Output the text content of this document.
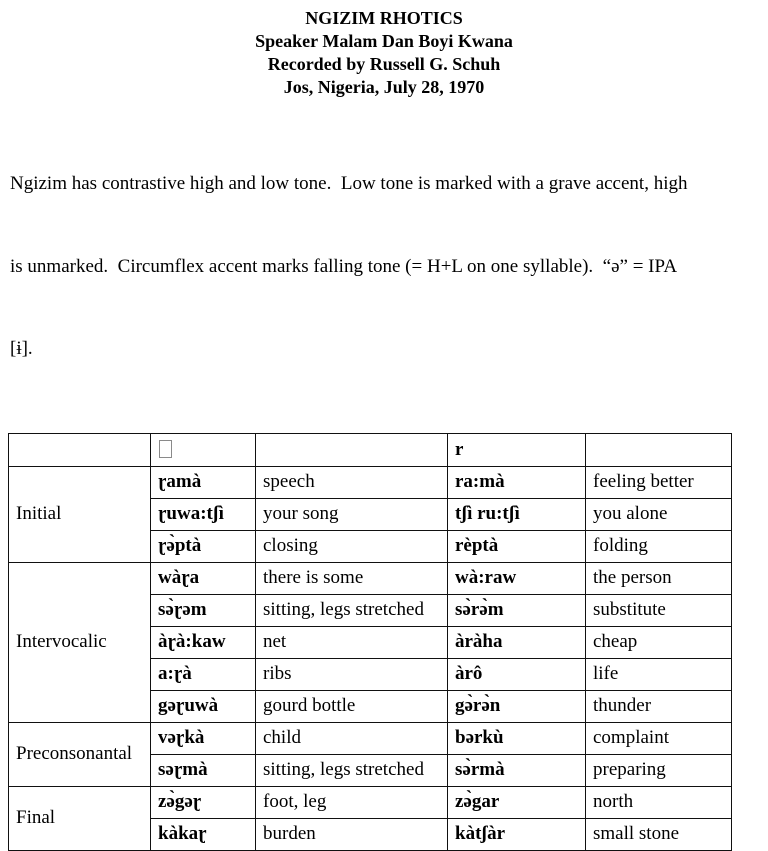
NGIZIM RHOTICS
Speaker Malam Dan Boyi Kwana
Recorded by Russell G. Schuh
Jos, Nigeria, July 28, 1970

Ngizim has contrastive high and low tone.  Low tone is marked with a grave accent, high

is unmarked.  Circumflex accent marks falling tone (= H+L on one syllable).  “ə” = IPA

[ɨ].

			r	
Initial	ɽamà	speech	ra:mà	feeling better
	ɽuwa:tʃì	your song	tʃì ru:tʃì	you alone
	ɽə̀ptà	closing	rèptà	folding
Intervocalic	wàɽa	there is some	wà:raw	the person
	sə̀ɽəm	sitting, legs stretched	sə̀rə̀m	substitute
	àɽà:kaw	net	àràha	cheap
	a:ɽà	ribs	àrô	life
	gəɽuwà	gourd bottle	gə̀rə̀n	thunder
Preconsonantal	vəɽkà	child	bərkù	complaint
	səɽmà	sitting, legs stretched	sə̀rmà	preparing
Final	zə̀gəɽ	foot, leg	zə̀gar	north
	kàkaɽ	burden	kàtʃàr	small stone
